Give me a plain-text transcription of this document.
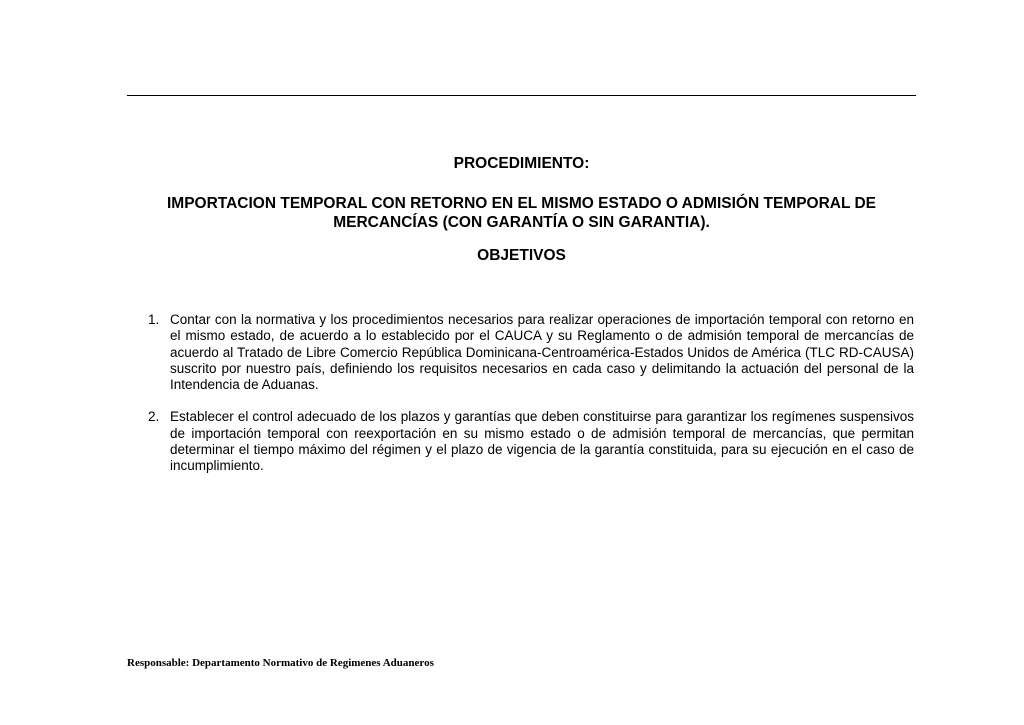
PROCEDIMIENTO:
IMPORTACION TEMPORAL CON RETORNO EN EL MISMO ESTADO O ADMISIÓN TEMPORAL DE MERCANCÍAS (CON GARANTÍA O SIN GARANTIA).
OBJETIVOS
1. Contar con la normativa y los procedimientos necesarios para realizar operaciones de importación temporal con retorno en el mismo estado, de acuerdo a lo establecido por el CAUCA y su Reglamento o de admisión temporal de mercancías de acuerdo al Tratado de Libre Comercio República Dominicana-Centroamérica-Estados Unidos de América (TLC RD-CAUSA) suscrito por nuestro país, definiendo los requisitos necesarios en cada caso y delimitando la actuación del personal de la Intendencia de Aduanas.
2. Establecer el control adecuado de los plazos y garantías que deben constituirse para garantizar los regímenes suspensivos de importación temporal con reexportación en su mismo estado o de admisión temporal de mercancías, que permitan determinar el tiempo máximo del régimen y el plazo de vigencia de la garantía constituida, para su ejecución en el caso de incumplimiento.
Responsable: Departamento Normativo de Regimenes Aduaneros
